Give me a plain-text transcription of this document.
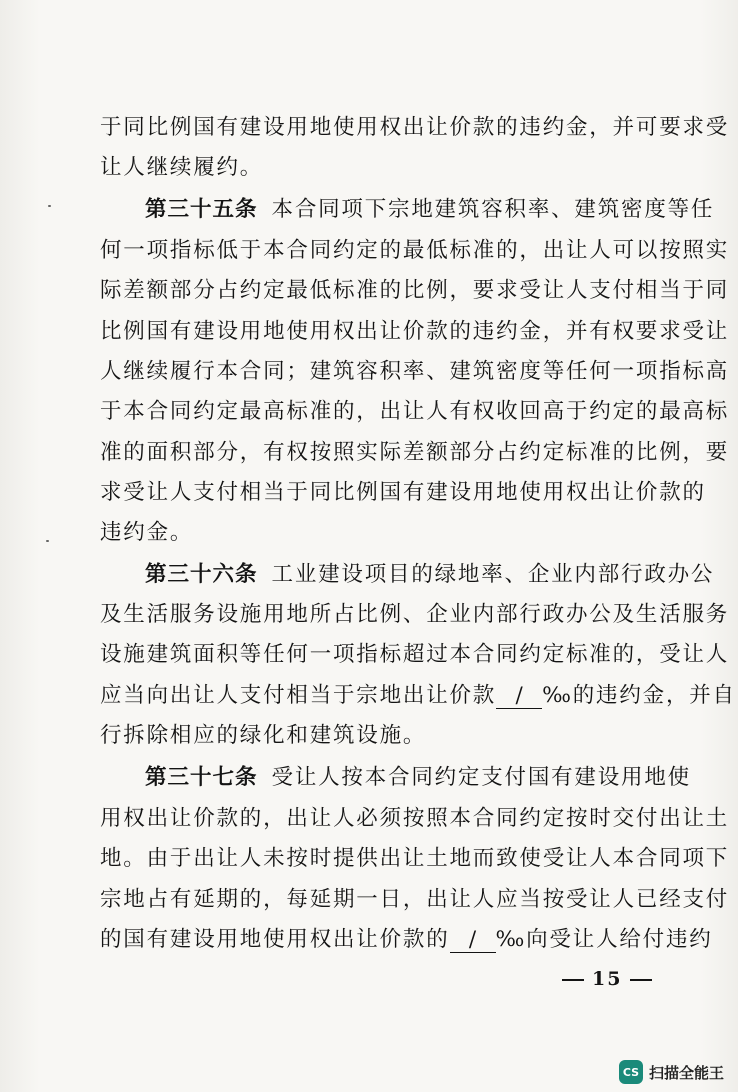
于同比例国有建设用地使用权出让价款的违约金，并可要求受
让人继续履约。
第三十五条 本合同项下宗地建筑容积率、建筑密度等任
何一项指标低于本合同约定的最低标准的，出让人可以按照实
际差额部分占约定最低标准的比例，要求受让人支付相当于同
比例国有建设用地使用权出让价款的违约金，并有权要求受让
人继续履行本合同；建筑容积率、建筑密度等任何一项指标高
于本合同约定最高标准的，出让人有权收回高于约定的最高标
准的面积部分，有权按照实际差额部分占约定标准的比例，要
求受让人支付相当于同比例国有建设用地使用权出让价款的
违约金。
第三十六条 工业建设项目的绿地率、企业内部行政办公
及生活服务设施用地所占比例、企业内部行政办公及生活服务
设施建筑面积等任何一项指标超过本合同约定标准的，受让人
应当向出让人支付相当于宗地出让价款 / ‰的违约金，并自
行拆除相应的绿化和建筑设施。
第三十七条 受让人按本合同约定支付国有建设用地使
用权出让价款的，出让人必须按照本合同约定按时交付出让土
地。由于出让人未按时提供出让土地而致使受让人本合同项下
宗地占有延期的，每延期一日，出让人应当按受让人已经支付
的国有建设用地使用权出让价款的 / ‰向受让人给付违约
15
CS 扫描全能王
